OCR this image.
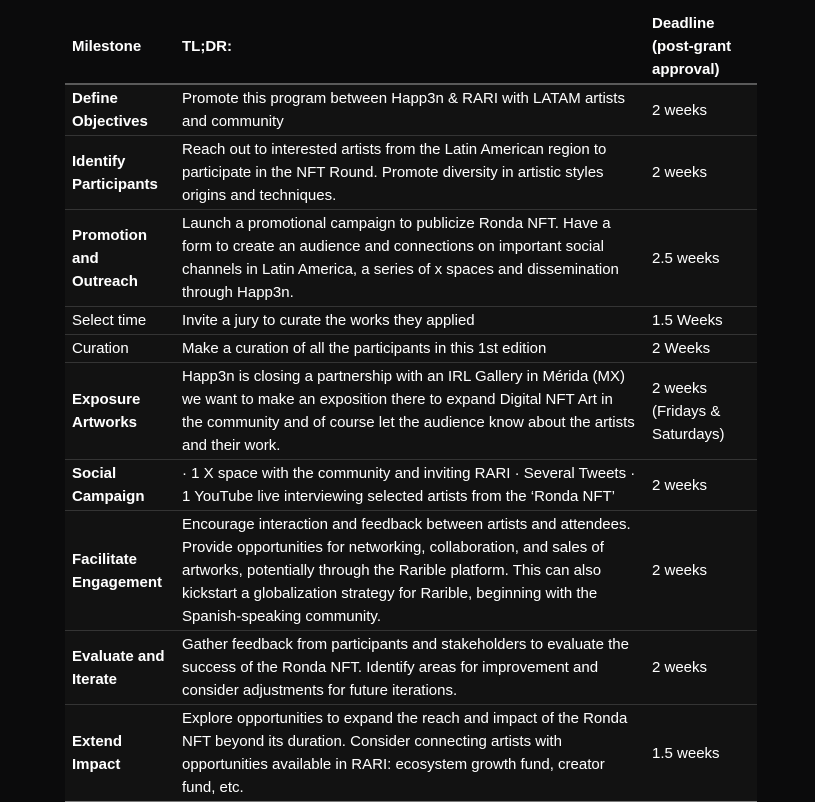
Milestone	TL;DR:	Deadline (post-grant approval)
Define Objectives	Promote this program between Happ3n & RARI with LATAM artists and community	2 weeks
Identify Participants	Reach out to interested artists from the Latin American region to participate in the NFT Round. Promote diversity in artistic styles origins and techniques.	2 weeks
Promotion and Outreach	Launch a promotional campaign to publicize Ronda NFT. Have a form to create an audience and connections on important social channels in Latin America, a series of x spaces and dissemination through Happ3n.	2.5 weeks
Select time	Invite a jury to curate the works they applied	1.5 Weeks
Curation	Make a curation of all the participants in this 1st edition	2 Weeks
Exposure Artworks	Happ3n is closing a partnership with an IRL Gallery in Mérida (MX) we want to make an exposition there to expand Digital NFT Art in the community and of course let the audience know about the artists and their work.	2 weeks (Fridays & Saturdays)
Social Campaign	· 1 X space with the community and inviting RARI · Several Tweets · 1 YouTube live interviewing selected artists from the ‘Ronda NFT’	2 weeks
Facilitate Engagement	Encourage interaction and feedback between artists and attendees. Provide opportunities for networking, collaboration, and sales of artworks, potentially through the Rarible platform. This can also kickstart a globalization strategy for Rarible, beginning with the Spanish-speaking community.	2 weeks
Evaluate and Iterate	Gather feedback from participants and stakeholders to evaluate the success of the Ronda NFT. Identify areas for improvement and consider adjustments for future iterations.	2 weeks
Extend Impact	Explore opportunities to expand the reach and impact of the Ronda NFT beyond its duration. Consider connecting artists with opportunities available in RARI: ecosystem growth fund, creator fund, etc.	1.5 weeks
